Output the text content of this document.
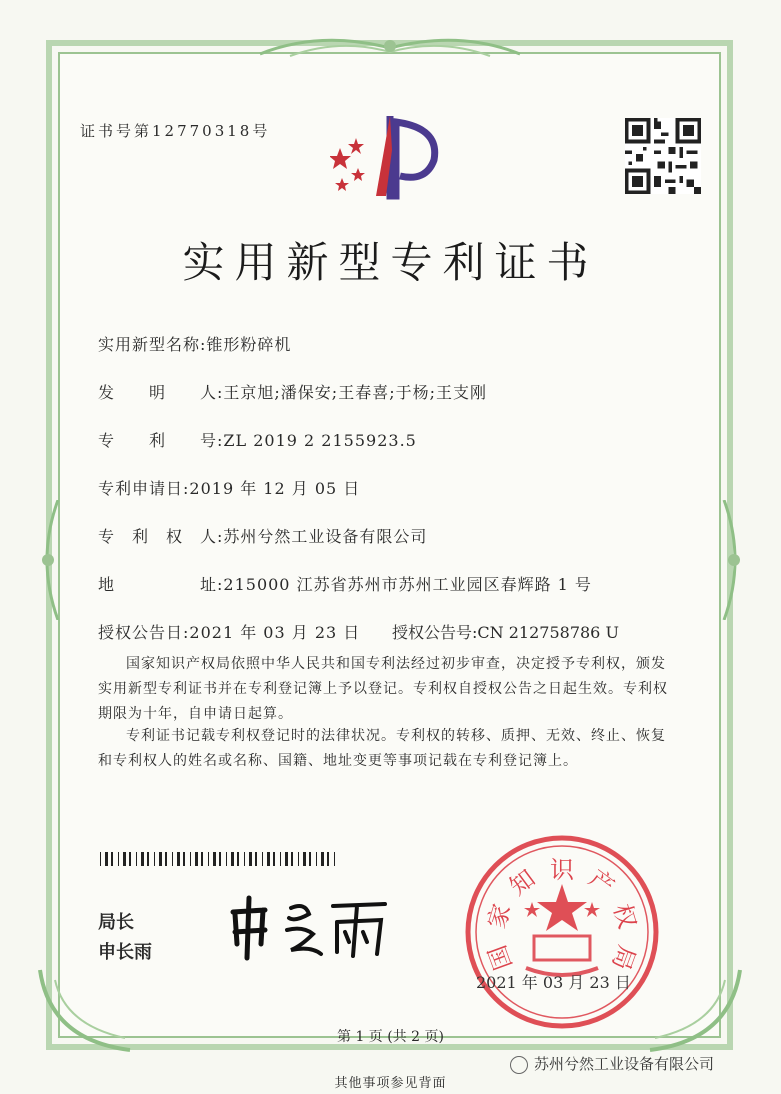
证书号第12770318号
实用新型专利证书
实用新型名称:锥形粉碎机
发　　明　　人:王京旭;潘保安;王春喜;于杨;王支刚
专　　利　　号:ZL 2019 2 2155923.5
专利申请日:2019 年 12 月 05 日
专　利　权　人:苏州兮然工业设备有限公司
地　　　　　址:215000 江苏省苏州市苏州工业园区春辉路 1 号
授权公告日:2021 年 03 月 23 日 授权公告号:CN 212758786 U
国家知识产权局依照中华人民共和国专利法经过初步审查，决定授予专利权，颁发实用新型专利证书并在专利登记簿上予以登记。专利权自授权公告之日起生效。专利权期限为十年，自申请日起算。
专利证书记载专利权登记时的法律状况。专利权的转移、质押、无效、终止、恢复和专利权人的姓名或名称、国籍、地址变更等事项记载在专利登记簿上。
局长
申长雨	国
家
知 识 产
权
局
2021 年 03 月 23 日
第 1 页 (共 2 页)
苏州兮然工业设备有限公司
其他事项参见背面
